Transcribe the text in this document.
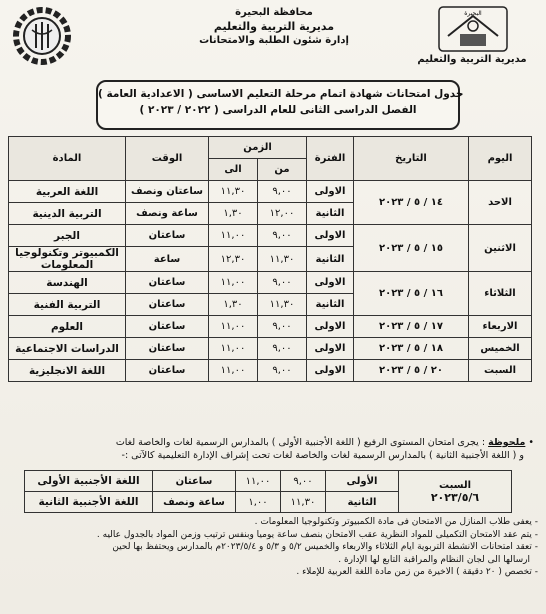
البحيرة
مديرية التربية والتعليم
محافظة البحيرة
مديرية التربية والتعليم
إدارة شئون الطلبة والامتحانات
جدول امتحانات شهادة اتمام مرحلة التعليم الاساسى ( الاعدادية العامة )
الفصل الدراسى الثانى للعام الدراسى ( ٢٠٢٢ / ٢٠٢٣ )
اليوم	التاريخ	الفترة	الزمن		الوقت	المادة
			من	الى		
الاحد	١٤ / ٥ / ٢٠٢٣	الاولى	٩,٠٠	١١,٣٠	ساعتان ونصف	اللغة العربية
		الثانية	١٢,٠٠	١,٣٠	ساعة ونصف	التربية الدينية
الاثنين	١٥ / ٥ / ٢٠٢٣	الاولى	٩,٠٠	١١,٠٠	ساعتان	الجبر
		الثانية	١١,٣٠	١٢,٣٠	ساعة	الكمبيوتر وتكنولوجيا المعلومات
الثلاثاء	١٦ / ٥ / ٢٠٢٣	الاولى	٩,٠٠	١١,٠٠	ساعتان	الهندسة
		الثانية	١١,٣٠	١,٣٠	ساعتان	التربية الفنية
الاربعاء	١٧ / ٥ / ٢٠٢٣	الاولى	٩,٠٠	١١,٠٠	ساعتان	العلوم
الخميس	١٨ / ٥ / ٢٠٢٣	الاولى	٩,٠٠	١١,٠٠	ساعتان	الدراسات الاجتماعية
السبت	٢٠ / ٥ / ٢٠٢٣	الاولى	٩,٠٠	١١,٠٠	ساعتان	اللغة الانجليزية
• ملحوظة : يجرى امتحان المستوى الرفيع ( اللغة الأجنبية الأولى ) بالمدارس الرسمية لغات والخاصة لغات
و ( اللغة الأجنبية الثانية ) بالمدارس الرسمية لغات والخاصة لغات تحت إشراف الإدارة التعليمية كالآتى :-
السبت
٢٠٢٣/٥/٦	الأولى	٩,٠٠	١١,٠٠	ساعتان	اللغة الأجنبية الأولى
	الثانية	١١,٣٠	١,٠٠	ساعة ونصف	اللغة الأجنبية الثانية
- يعفى طلاب المنازل من الامتحان فى مادة الكمبيوتر وتكنولوجيا المعلومات .
- يتم عقد الامتحان التكميلى للمواد النظرية عقب الامتحان بنصف ساعة يوميا وبنفس ترتيب وزمن المواد بالجدول عاليه .
- تعقد امتحانات الانشطة التربوية ايام الثلاثاء والاربعاء والخميس ٥/٢ و ٥/٣ و ٢٠٢٣/٥/٤م بالمدارس ويحتفظ بها لحين
ارسالها الى لجان النظام والمراقبة التابع لها الإدارة .
- تخصص ( ٢٠ دقيقة ) الاخيرة من زمن مادة اللغة العربية للإملاء .
